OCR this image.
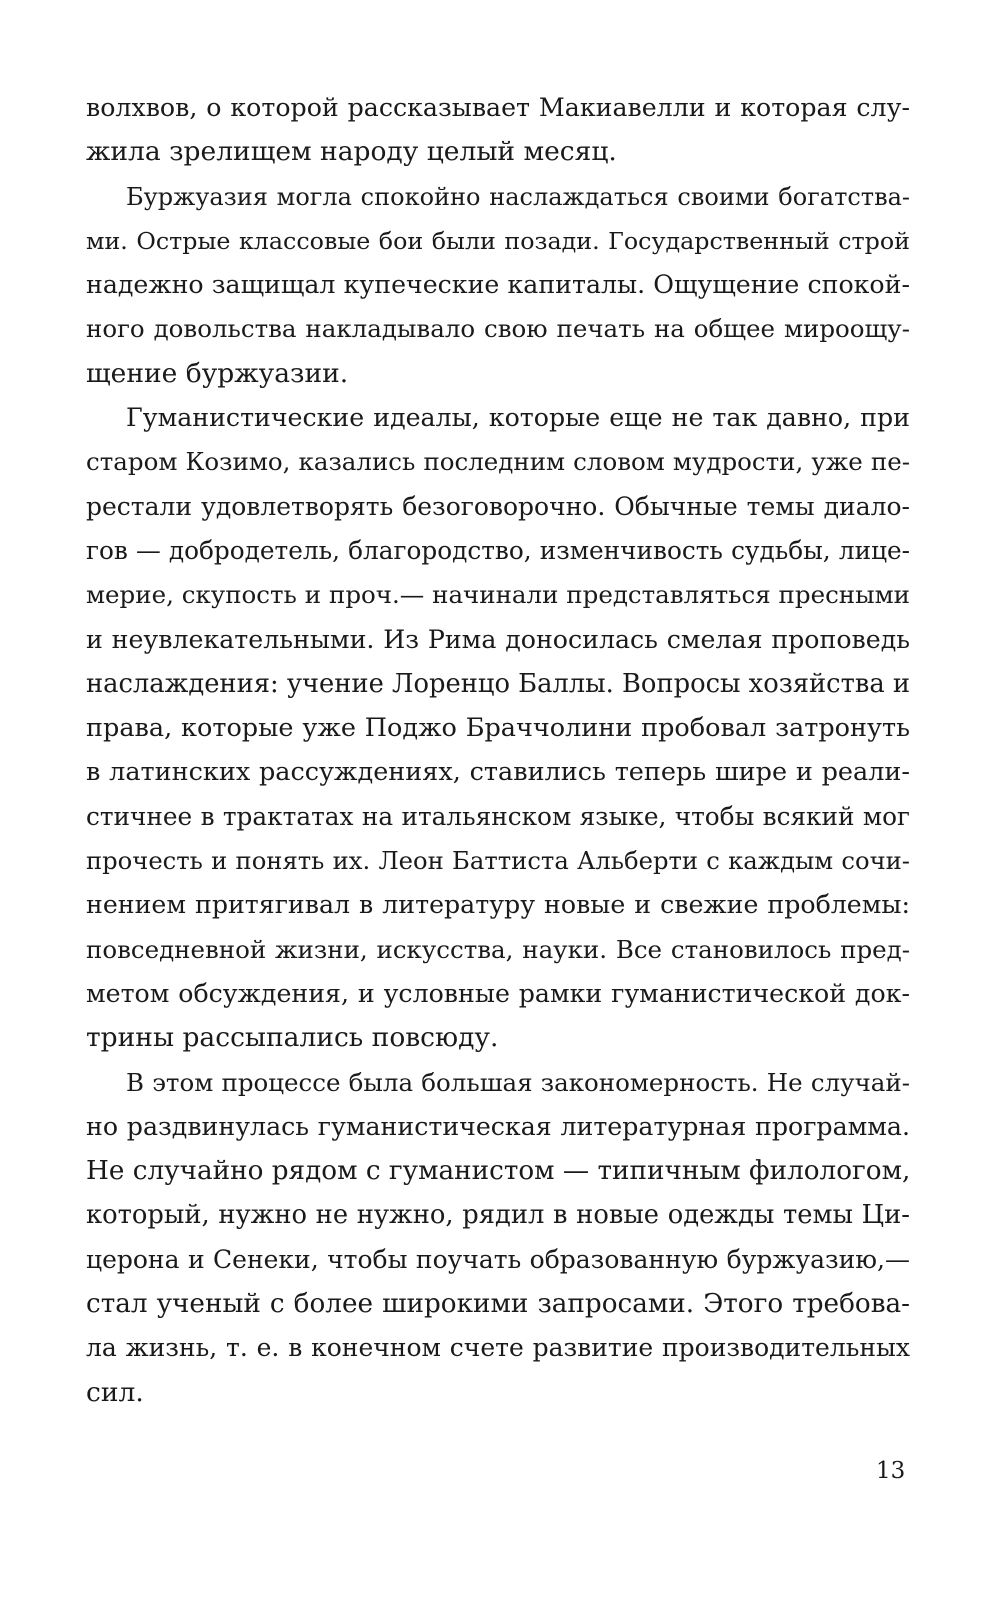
волхвов, о которой рассказывает Макиавелли и которая слу-
жила зрелищем народу целый месяц.
Буржуазия могла спокойно наслаждаться своими богатства-
ми. Острые классовые бои были позади. Государственный строй
надежно защищал купеческие капиталы. Ощущение спокой-
ного довольства накладывало свою печать на общее мироощу-
щение буржуазии.
Гуманистические идеалы, которые еще не так давно, при
старом Козимо, казались последним словом мудрости, уже пе-
рестали удовлетворять безоговорочно. Обычные темы диало-
гов — добродетель, благородство, изменчивость судьбы, лице-
мерие, скупость и проч.— начинали представляться пресными
и неувлекательными. Из Рима доносилась смелая проповедь
наслаждения: учение Лоренцо Баллы. Вопросы хозяйства и
права, которые уже Поджо Браччолини пробовал затронуть
в латинских рассуждениях, ставились теперь шире и реали-
стичнее в трактатах на итальянском языке, чтобы всякий мог
прочесть и понять их. Леон Баттиста Альберти с каждым сочи-
нением притягивал в литературу новые и свежие проблемы:
повседневной жизни, искусства, науки. Все становилось пред-
метом обсуждения, и условные рамки гуманистической док-
трины рассыпались повсюду.
В этом процессе была большая закономерность. Не случай-
но раздвинулась гуманистическая литературная программа.
Не случайно рядом с гуманистом — типичным филологом,
который, нужно не нужно, рядил в новые одежды темы Ци-
церона и Сенеки, чтобы поучать образованную буржуазию,—
стал ученый с более широкими запросами. Этого требова-
ла жизнь, т. е. в конечном счете развитие производительных
сил.
13
